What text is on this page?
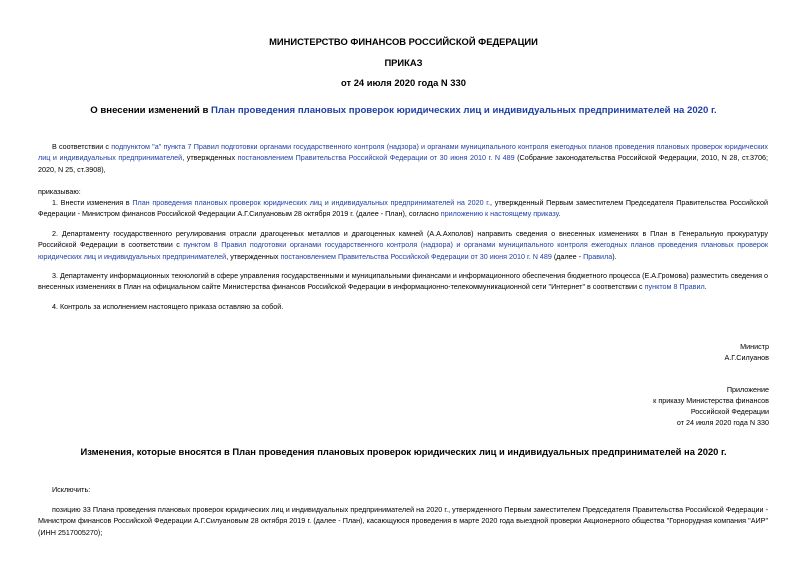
МИНИСТЕРСТВО ФИНАНСОВ РОССИЙСКОЙ ФЕДЕРАЦИИ
ПРИКАЗ
от 24 июля 2020 года N 330
О внесении изменений в План проведения плановых проверок юридических лиц и индивидуальных предпринимателей на 2020 г.
В соответствии с подпунктом "а" пункта 7 Правил подготовки органами государственного контроля (надзора) и органами муниципального контроля ежегодных планов проведения плановых проверок юридических лиц и индивидуальных предпринимателей, утвержденных постановлением Правительства Российской Федерации от 30 июня 2010 г. N 489 (Собрание законодательства Российской Федерации, 2010, N 28, ст.3706; 2020, N 25, ст.3908),
приказываю:
1. Внести изменения в План проведения плановых проверок юридических лиц и индивидуальных предпринимателей на 2020 г., утвержденный Первым заместителем Председателя Правительства Российской Федерации - Министром финансов Российской Федерации А.Г.Силуановым 28 октября 2019 г. (далее - План), согласно приложению к настоящему приказу.
2. Департаменту государственного регулирования отрасли драгоценных металлов и драгоценных камней (А.А.Ахполов) направить сведения о внесенных изменениях в План в Генеральную прокуратуру Российской Федерации в соответствии с пунктом 8 Правил подготовки органами государственного контроля (надзора) и органами муниципального контроля ежегодных планов проведения плановых проверок юридических лиц и индивидуальных предпринимателей, утвержденных постановлением Правительства Российской Федерации от 30 июня 2010 г. N 489 (далее - Правила).
3. Департаменту информационных технологий в сфере управления государственными и муниципальными финансами и информационного обеспечения бюджетного процесса (Е.А.Громова) разместить сведения о внесенных изменениях в План на официальном сайте Министерства финансов Российской Федерации в информационно-телекоммуникационной сети "Интернет" в соответствии с пунктом 8 Правил.
4. Контроль за исполнением настоящего приказа оставляю за собой.
Министр
А.Г.Силуанов
Приложение
к приказу Министерства финансов
Российской Федерации
от 24 июля 2020 года N 330
Изменения, которые вносятся в План проведения плановых проверок юридических лиц и индивидуальных предпринимателей на 2020 г.
Исключить:
позицию 33 Плана проведения плановых проверок юридических лиц и индивидуальных предпринимателей на 2020 г., утвержденного Первым заместителем Председателя Правительства Российской Федерации - Министром финансов Российской Федерации А.Г.Силуановым 28 октября 2019 г. (далее - План), касающуюся проведения в марте 2020 года выездной проверки Акционерного общества "Горнорудная компания "АИР" (ИНН 2517005270);
